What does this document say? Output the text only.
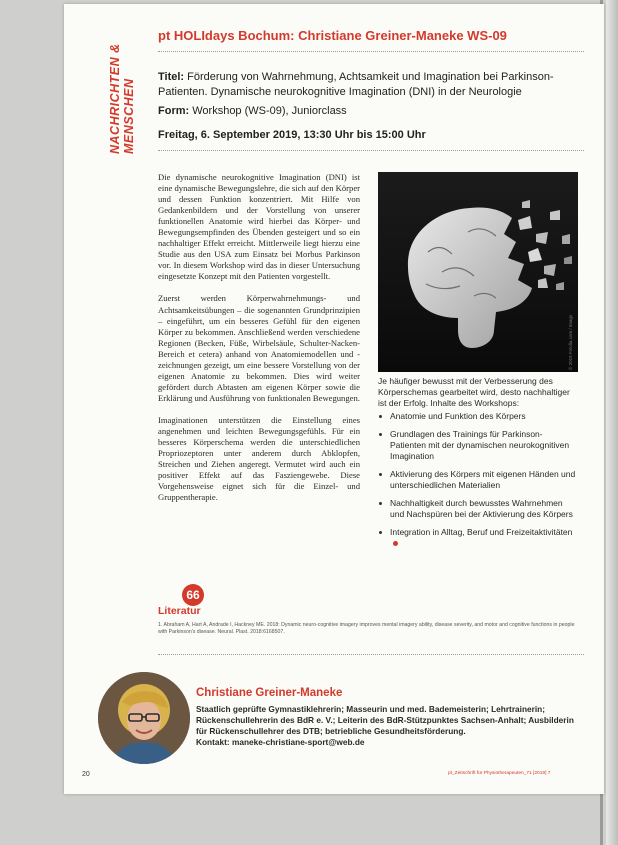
NACHRICHTEN & MENSCHEN
pt HOLIdays Bochum: Christiane Greiner-Maneke WS-09
Titel: Förderung von Wahrnehmung, Achtsamkeit und Imagination bei Parkinson-
Patienten. Dynamische neurokognitive Imagination (DNI) in der Neurologie
Form: Workshop (WS-09), Juniorclass
Freitag, 6. September 2019, 13:30 Uhr bis 15:00 Uhr

Die dynamische neurokognitive Imagination (DNI) ist eine dynamische Bewegungslehre, die sich auf den Körper und dessen Funktion konzentriert. Mit Hilfe von Gedankenbildern und der Vorstellung von unserer funktionellen Anatomie wird hierbei das Körper- und Bewegungsempfinden des Übenden gesteigert und so ein nachhaltiger Effekt erreicht. Mittlerweile liegt hierzu eine Studie aus den USA zum Einsatz bei Morbus Parkinson vor. In diesem Workshop wird das in dieser Untersuchung eingesetzte Konzept mit den Patienten vorgestellt.

Zuerst werden Körperwahrnehmungs- und Achtsamkeitsübungen – die sogenannten Grundprinzipien – eingeführt, um ein besseres Gefühl für den eigenen Körper zu bekommen. Anschließend werden verschiedene Regionen (Becken, Füße, Wirbelsäule, Schulter-Nacken-Bereich et cetera) anhand von Anatomiemodellen und -zeichnungen gezeigt, um eine bessere Vorstellung von der eigenen Anatomie zu bekommen. Dies wird weiter gefördert durch Abtasten am eigenen Körper sowie die Erklärung und Ausführung von funktionalen Bewegungen.

Imaginationen unterstützen die Einstellung eines angenehmen und leichten Bewegungsgefühls. Für ein besseres Körperschema werden die unterschiedlichen Propriozeptoren unter anderem durch Abklopfen, Streichen und Ziehen angeregt. Vermutet wird auch ein positiver Effekt auf das Fasziengewebe. Diese Vorgehensweise eignet sich für die Einzel- und Gruppentherapie.

© 2019 Fotolia.com / Imago
Je häufiger bewusst mit der Verbesserung des Körperschemas gearbeitet wird, desto nachhaltiger ist der Erfolg. Inhalte des Workshops:
Anatomie und Funktion des Körpers
Grundlagen des Trainings für Parkinson-Patienten mit der dynamischen neurokognitiven Imagination
Aktivierung des Körpers mit eigenen Händen und unterschiedlichen Materialien
Nachhaltigkeit durch bewusstes Wahrnehmen und Nachspüren bei der Aktivierung des Körpers
Integration in Alltag, Beruf und Freizeitaktivitäten
66
Literatur
1. Abraham A, Hart A, Andrade I, Hackney ME. 2018: Dynamic neuro-cognitive imagery improves mental imagery ability, disease severity, and motor and cognitive functions in people with Parkinson's disease. Neural. Plast. 2018:6168507.
Christiane Greiner-Maneke
Staatlich geprüfte Gymnastiklehrerin; Masseurin und med. Bademeisterin; Lehrtrainerin; Rückenschullehrerin des BdR e. V.; Leiterin des BdR-Stützpunktes Sachsen-Anhalt; Ausbilderin für Rückenschullehrer des DTB; betriebliche Gesundheitsförderung.
Kontakt: maneke-christiane-sport@web.de
20	pt_Zeitschrift für Physiotherapeuten_71 [2019] 7
